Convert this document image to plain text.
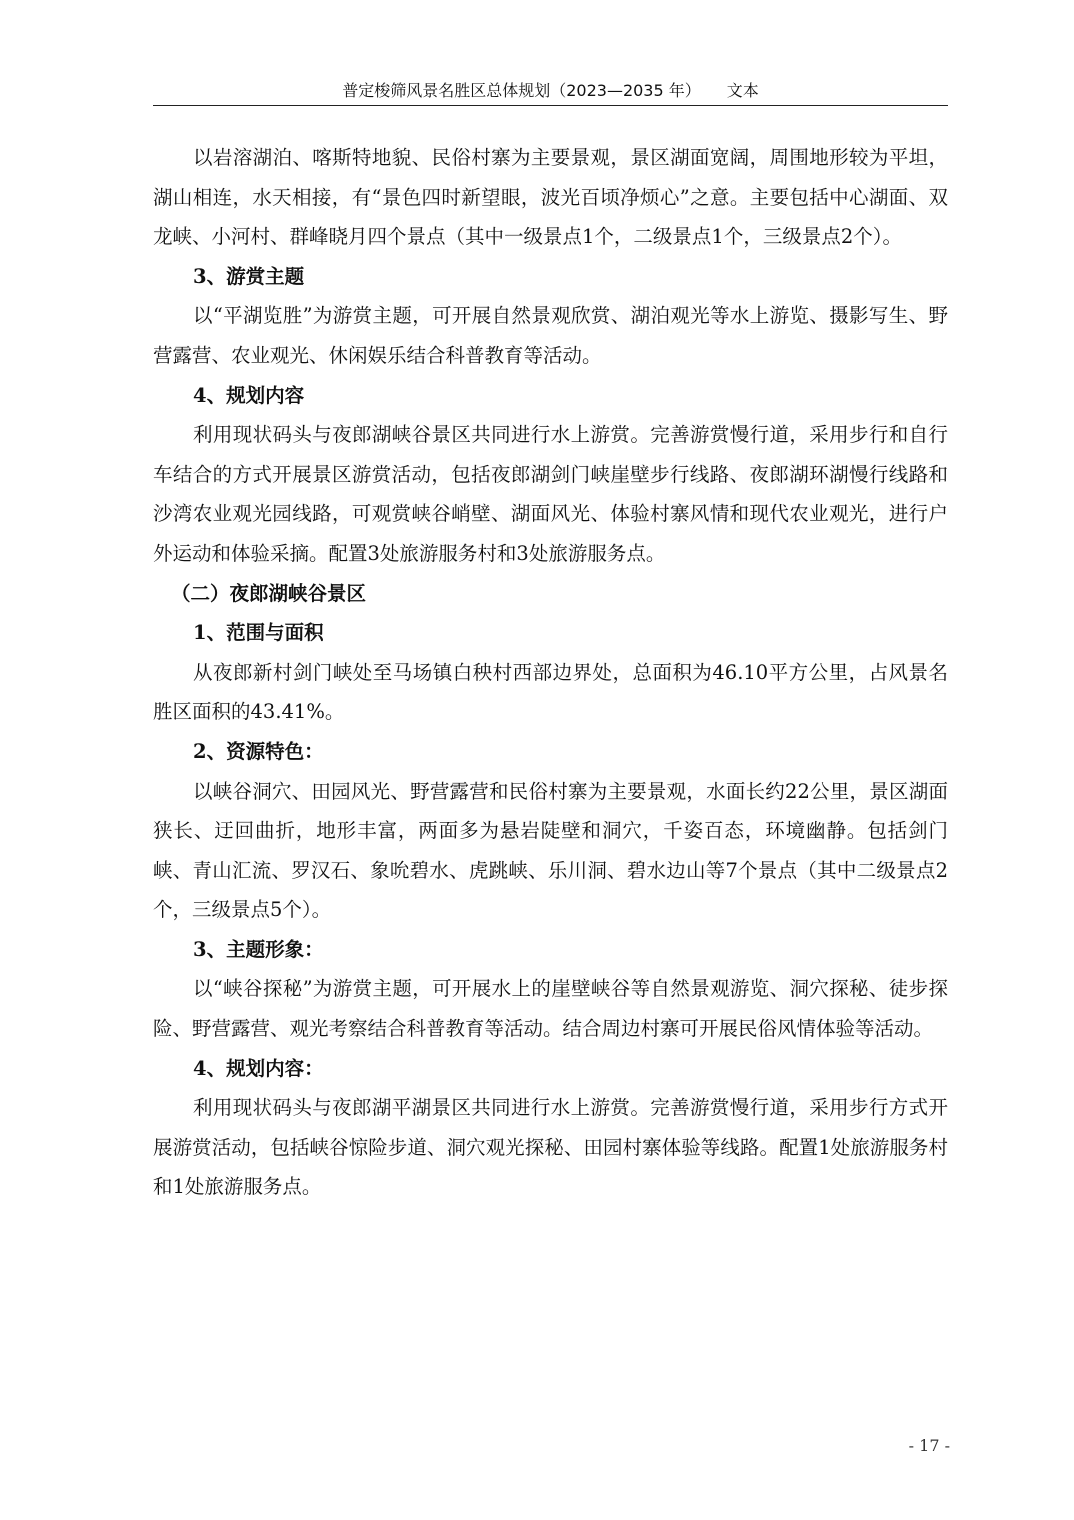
普定梭筛风景名胜区总体规划（2023—2035 年） 文本

以岩溶湖泊、喀斯特地貌、民俗村寨为主要景观，景区湖面宽阔，周围地形较为平坦，湖山相连，水天相接，有“景色四时新望眼，波光百顷净烦心”之意。主要包括中心湖面、双龙峡、小河村、群峰晓月四个景点（其中一级景点1个，二级景点1个，三级景点2个）。

3、游赏主题

以“平湖览胜”为游赏主题，可开展自然景观欣赏、湖泊观光等水上游览、摄影写生、野营露营、农业观光、休闲娱乐结合科普教育等活动。

4、规划内容

利用现状码头与夜郎湖峡谷景区共同进行水上游赏。完善游赏慢行道，采用步行和自行车结合的方式开展景区游赏活动，包括夜郎湖剑门峡崖壁步行线路、夜郎湖环湖慢行线路和沙湾农业观光园线路，可观赏峡谷峭壁、湖面风光、体验村寨风情和现代农业观光，进行户外运动和体验采摘。配置3处旅游服务村和3处旅游服务点。

（二）夜郎湖峡谷景区

1、范围与面积

从夜郎新村剑门峡处至马场镇白秧村西部边界处，总面积为46.10平方公里，占风景名胜区面积的43.41%。

2、资源特色：

以峡谷洞穴、田园风光、野营露营和民俗村寨为主要景观，水面长约22公里，景区湖面狭长、迂回曲折，地形丰富，两面多为悬岩陡壁和洞穴，千姿百态，环境幽静。包括剑门峡、青山汇流、罗汉石、象吮碧水、虎跳峡、乐川洞、碧水边山等7个景点（其中二级景点2个，三级景点5个）。

3、主题形象：

以“峡谷探秘”为游赏主题，可开展水上的崖壁峡谷等自然景观游览、洞穴探秘、徒步探险、野营露营、观光考察结合科普教育等活动。结合周边村寨可开展民俗风情体验等活动。

4、规划内容：

利用现状码头与夜郎湖平湖景区共同进行水上游赏。完善游赏慢行道，采用步行方式开展游赏活动，包括峡谷惊险步道、洞穴观光探秘、田园村寨体验等线路。配置1处旅游服务村和1处旅游服务点。

- 17 -
